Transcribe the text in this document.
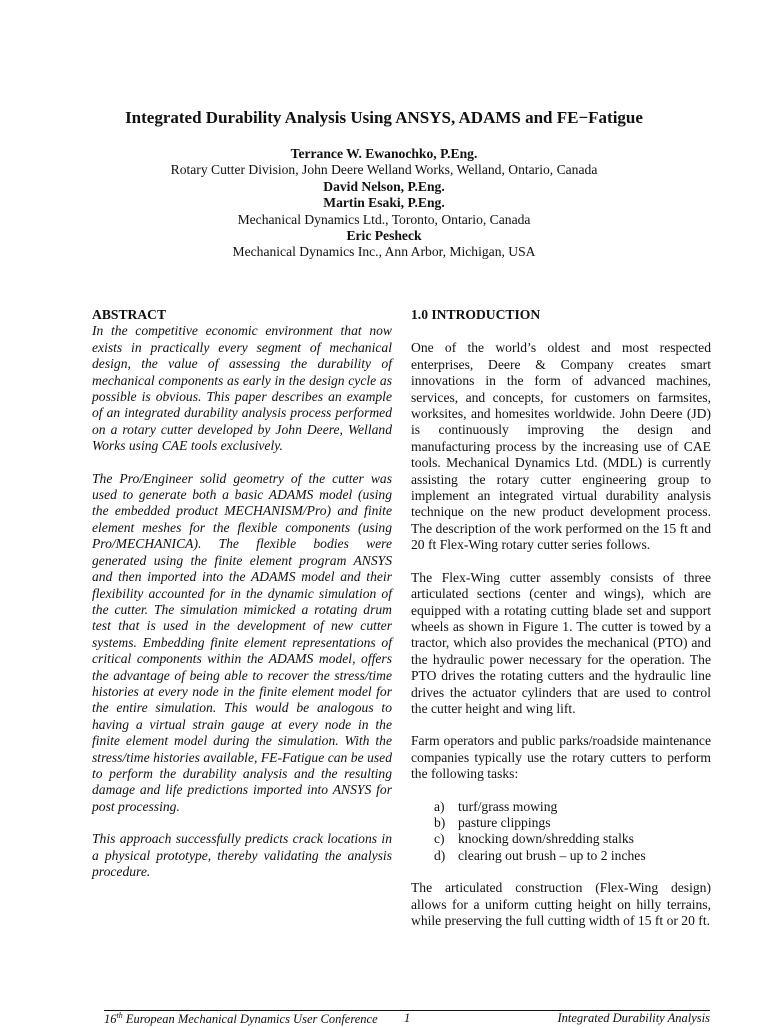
Integrated Durability Analysis Using ANSYS, ADAMS and FE−Fatigue
Terrance W. Ewanochko, P.Eng.
Rotary Cutter Division, John Deere Welland Works, Welland, Ontario, Canada
David Nelson, P.Eng.
Martin Esaki, P.Eng.
Mechanical Dynamics Ltd., Toronto, Ontario, Canada
Eric Pesheck
Mechanical Dynamics Inc., Ann Arbor, Michigan, USA
ABSTRACT

In the competitive economic environment that now exists in practically every segment of mechanical design, the value of assessing the durability of mechanical components as early in the design cycle as possible is obvious. This paper describes an example of an integrated durability analysis process performed on a rotary cutter developed by John Deere, Welland Works using CAE tools exclusively.

The Pro/Engineer solid geometry of the cutter was used to generate both a basic ADAMS model (using the embedded product MECHANISM/Pro) and finite element meshes for the flexible components (using Pro/MECHANICA). The flexible bodies were generated using the finite element program ANSYS and then imported into the ADAMS model and their flexibility accounted for in the dynamic simulation of the cutter. The simulation mimicked a rotating drum test that is used in the development of new cutter systems. Embedding finite element representations of critical components within the ADAMS model, offers the advantage of being able to recover the stress/time histories at every node in the finite element model for the entire simulation. This would be analogous to having a virtual strain gauge at every node in the finite element model during the simulation. With the stress/time histories available, FE-Fatigue can be used to perform the durability analysis and the resulting damage and life predictions imported into ANSYS for post processing.

This approach successfully predicts crack locations in a physical prototype, thereby validating the analysis procedure.

1.0 INTRODUCTION

One of the world’s oldest and most respected enterprises, Deere & Company creates smart innovations in the form of advanced machines, services, and concepts, for customers on farmsites, worksites, and homesites worldwide. John Deere (JD) is continuously improving the design and manufacturing process by the increasing use of CAE tools. Mechanical Dynamics Ltd. (MDL) is currently assisting the rotary cutter engineering group to implement an integrated virtual durability analysis technique on the new product development process. The description of the work performed on the 15 ft and 20 ft Flex-Wing rotary cutter series follows.

The Flex-Wing cutter assembly consists of three articulated sections (center and wings), which are equipped with a rotating cutting blade set and support wheels as shown in Figure 1. The cutter is towed by a tractor, which also provides the mechanical (PTO) and the hydraulic power necessary for the operation. The PTO drives the rotating cutters and the hydraulic line drives the actuator cylinders that are used to control the cutter height and wing lift.

Farm operators and public parks/roadside maintenance companies typically use the rotary cutters to perform the following tasks:

a) turf/grass mowing
b) pasture clippings
c) knocking down/shredding stalks
d) clearing out brush – up to 2 inches

The articulated construction (Flex-Wing design) allows for a uniform cutting height on hilly terrains, while preserving the full cutting width of 15 ft or 20 ft.

16th European Mechanical Dynamics User Conference 1	Integrated Durability Analysis
